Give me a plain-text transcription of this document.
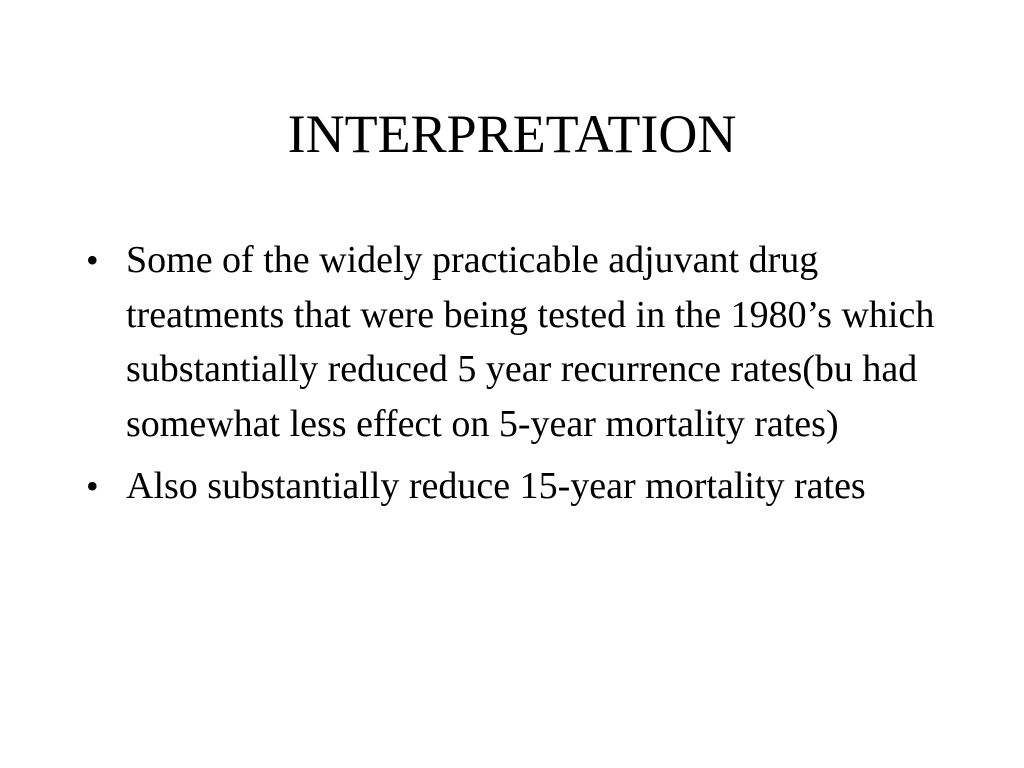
INTERPRETATION
• Some of the widely practicable adjuvant drug treatments that were being tested in the 1980’s which substantially reduced 5 year recurrence rates(bu had somewhat less effect on 5-year mortality rates)
• Also substantially reduce 15-year mortality rates
